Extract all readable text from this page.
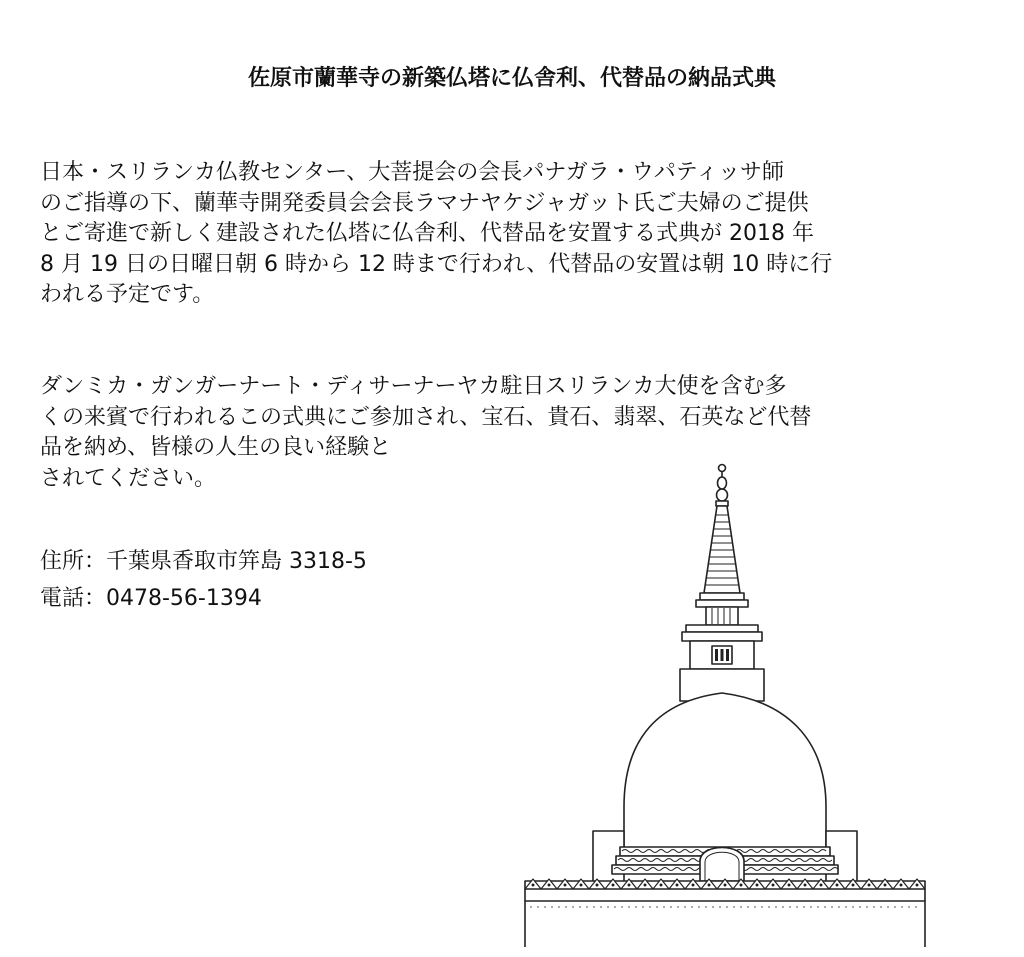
佐原市蘭華寺の新築仏塔に仏舎利、代替品の納品式典
日本・スリランカ仏教センター、大菩提会の会長パナガラ・ウパティッサ師
のご指導の下、蘭華寺開発委員会会長ラマナヤケジャガット氏ご夫婦のご提供
とご寄進で新しく建設された仏塔に仏舎利、代替品を安置する式典が 2018 年
8 月 19 日の日曜日朝 6 時から 12 時まで行われ、代替品の安置は朝 10 時に行
われる予定です。
ダンミカ・ガンガーナート・ディサーナーヤカ駐日スリランカ大使を含む多
くの来賓で行われるこの式典にご参加され、宝石、貴石、翡翠、石英など代替
品を納め、皆様の人生の良い経験と
されてください。

住所：千葉県香取市笄島 3318-5

電話：0478-56-1394
